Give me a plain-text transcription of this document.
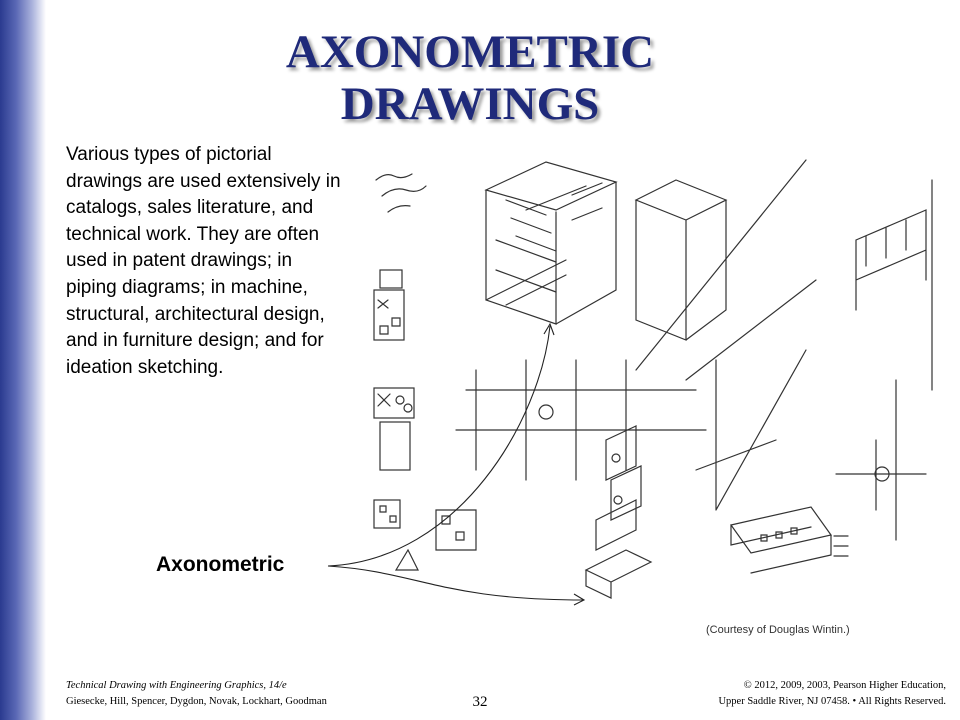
AXONOMETRIC
DRAWINGS
Various types of pictorial drawings are used extensively in catalogs, sales literature, and technical work. They are often used in patent drawings; in piping diagrams; in machine, structural, architectural design, and in furniture design; and for ideation sketching.
Axonometric
(Courtesy of Douglas Wintin.)
Technical Drawing with Engineering Graphics, 14/e
Giesecke, Hill, Spencer, Dygdon, Novak, Lockhart, Goodman	32
© 2012, 2009, 2003, Pearson Higher Education,
Upper Saddle River, NJ 07458. • All Rights Reserved.
